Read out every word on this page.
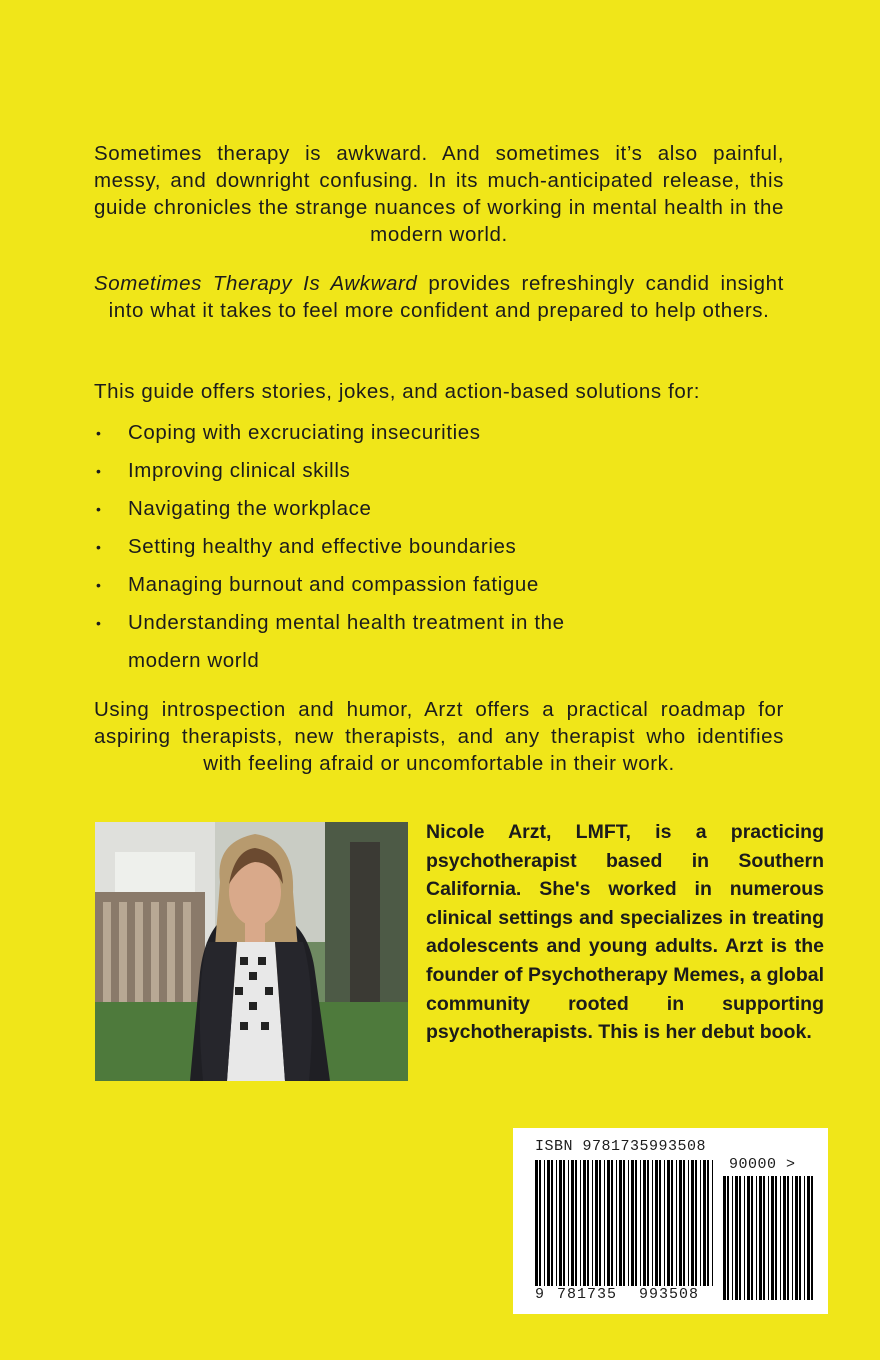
Sometimes therapy is awkward. And sometimes it’s also painful, messy, and downright confusing. In its much-anticipated release, this guide chronicles the strange nuances of working in mental health in the modern world.

Sometimes Therapy Is Awkward provides refreshingly candid insight into what it takes to feel more confident and prepared to help others.

This guide offers stories, jokes, and action-based solutions for:

• Coping with excruciating insecurities
• Improving clinical skills
• Navigating the workplace
• Setting healthy and effective boundaries
• Managing burnout and compassion fatigue
• Understanding mental health treatment in the modern world

Using introspection and humor, Arzt offers a practical roadmap for aspiring therapists, new therapists, and any therapist who identifies with feeling afraid or uncomfortable in their work.

Nicole Arzt, LMFT, is a practicing psychotherapist based in Southern California. She's worked in numerous clinical settings and specializes in treating adolescents and young adults. Arzt is the founder of Psychotherapy Memes, a global community rooted in supporting psychotherapists. This is her debut book.

ISBN 9781735993508
90000 >
9 781735 993508
